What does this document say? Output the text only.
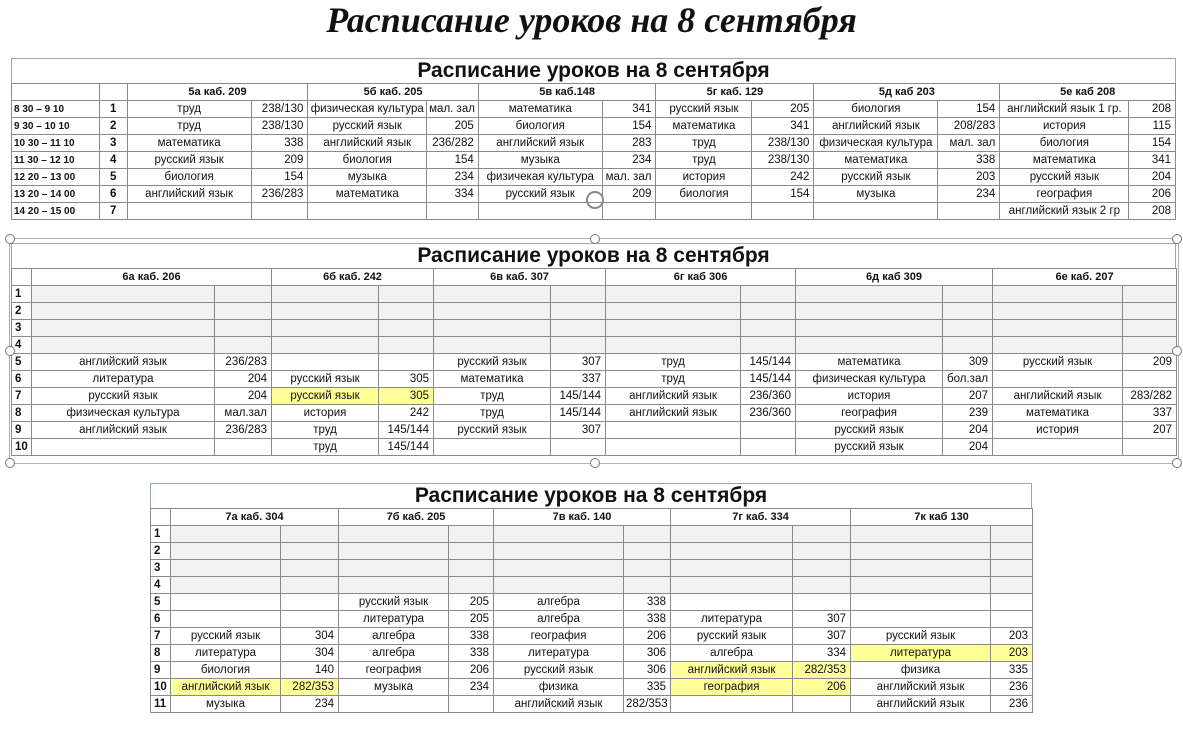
Расписание уроков на 8 сентября
Расписание уроков на 8 сентября
		5а каб. 209		5б каб. 205		5в каб.148		5г каб. 129		5д каб 203		5е каб 208	
8 30 – 9 10	1	труд	238/130	физическая культура	мал. зал	математика	341	русский язык	205	биология	154	английский язык 1 гр.	208
9 30 – 10 10	2	труд	238/130	русский язык	205	биология	154	математика	341	английский язык	208/283	история	115
10 30 – 11 10	3	математика	338	английский язык	236/282	английский язык	283	труд	238/130	физическая культура	мал. зал	биология	154
11 30 – 12 10	4	русский язык	209	биология	154	музыка	234	труд	238/130	математика	338	математика	341
12 20 – 13 00	5	биология	154	музыка	234	физичекая культура	мал. зал	история	242	русский язык	203	русский язык	204
13 20 – 14 00	6	английский язык	236/283	математика	334	русский язык	209	биология	154	музыка	234	география	206
14 20 – 15 00	7											английский язык 2 гр	208
Расписание уроков на 8 сентября
	6а каб. 206		6б каб. 242		6в каб. 307		6г каб 306		6д каб 309		6е каб. 207	
1												
2												
3												
4												
5	английский язык	236/283			русский язык	307	труд	145/144	математика	309	русский язык	209
6	литература	204	русский язык	305	математика	337	труд	145/144	физическая культура	бол.зал		
7	русский язык	204	русский язык	305	труд	145/144	английский язык	236/360	история	207	английский язык	283/282
8	физическая культура	мал.зал	история	242	труд	145/144	английский язык	236/360	география	239	математика	337
9	английский язык	236/283	труд	145/144	русский язык	307			русский язык	204	история	207
10			труд	145/144					русский язык	204		
Расписание уроков на 8 сентября
	7а каб. 304		7б каб. 205		7в каб. 140		7г каб. 334		7к каб 130	
1										
2										
3										
4										
5			русский язык	205	алгебра	338				
6			литература	205	алгебра	338	литература	307		
7	русский язык	304	алгебра	338	география	206	русский язык	307	русский язык	203
8	литература	304	алгебра	338	литература	306	алгебра	334	литература	203
9	биология	140	география	206	русский язык	306	английский язык	282/353	физика	335
10	английский язык	282/353	музыка	234	физика	335	география	206	английский язык	236
11	музыка	234			английский язык	282/353			английский язык	236
